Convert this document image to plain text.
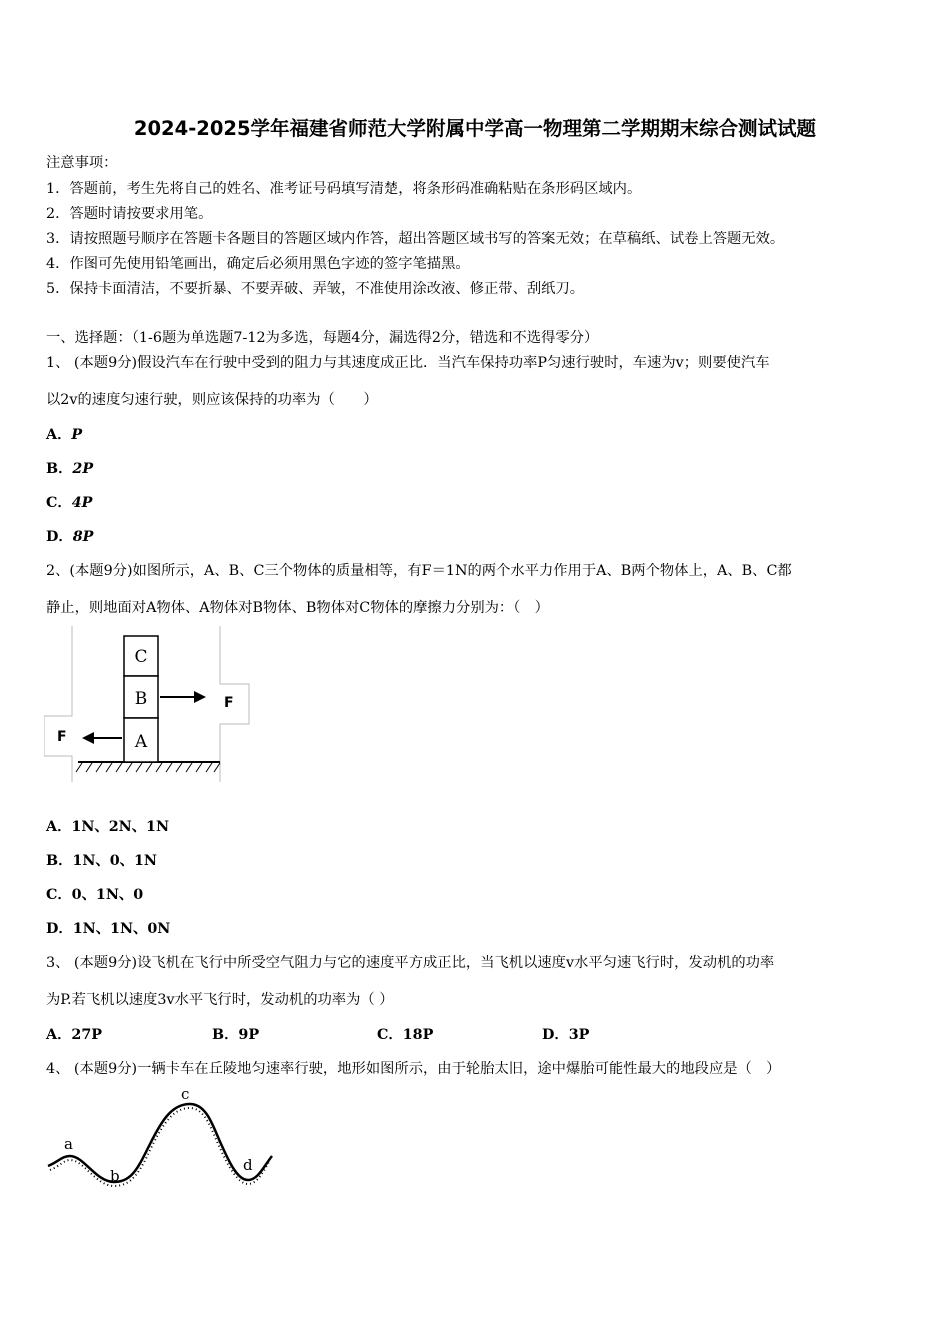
2024-2025学年福建省师范大学附属中学高一物理第二学期期末综合测试试题
注意事项：
1．答题前，考生先将自己的姓名、准考证号码填写清楚，将条形码准确粘贴在条形码区域内。
2．答题时请按要求用笔。
3．请按照题号顺序在答题卡各题目的答题区域内作答，超出答题区域书写的答案无效；在草稿纸、试卷上答题无效。
4．作图可先使用铅笔画出，确定后必须用黑色字迹的签字笔描黑。
5．保持卡面清洁，不要折暴、不要弄破、弄皱，不准使用涂改液、修正带、刮纸刀。
一、选择题：（1-6题为单选题7-12为多选，每题4分，漏选得2分，错选和不选得零分）
1、 (本题9分)假设汽车在行驶中受到的阻力与其速度成正比．当汽车保持功率P匀速行驶时，车速为v；则要使汽车
以2v的速度匀速行驶，则应该保持的功率为（　　）
A．P
B．2P
C．4P
D．8P
2、(本题9分)如图所示，A、B、C三个物体的质量相等，有F＝1N的两个水平力作用于A、B两个物体上，A、B、C都
静止，则地面对A物体、A物体对B物体、B物体对C物体的摩擦力分别为：（　）
C
B
A
F
F
A．1N、2N、1N
B．1N、0、1N
C．0、1N、0
D．1N、1N、0N
3、 (本题9分)设飞机在飞行中所受空气阻力与它的速度平方成正比，当飞机以速度v水平匀速飞行时，发动机的功率
为P.若飞机以速度3v水平飞行时，发动机的功率为（ ）
A．27P	B．9P	C．18P	D．3P
4、 (本题9分)一辆卡车在丘陵地匀速率行驶，地形如图所示，由于轮胎太旧，途中爆胎可能性最大的地段应是（　）
a
b
c
d
